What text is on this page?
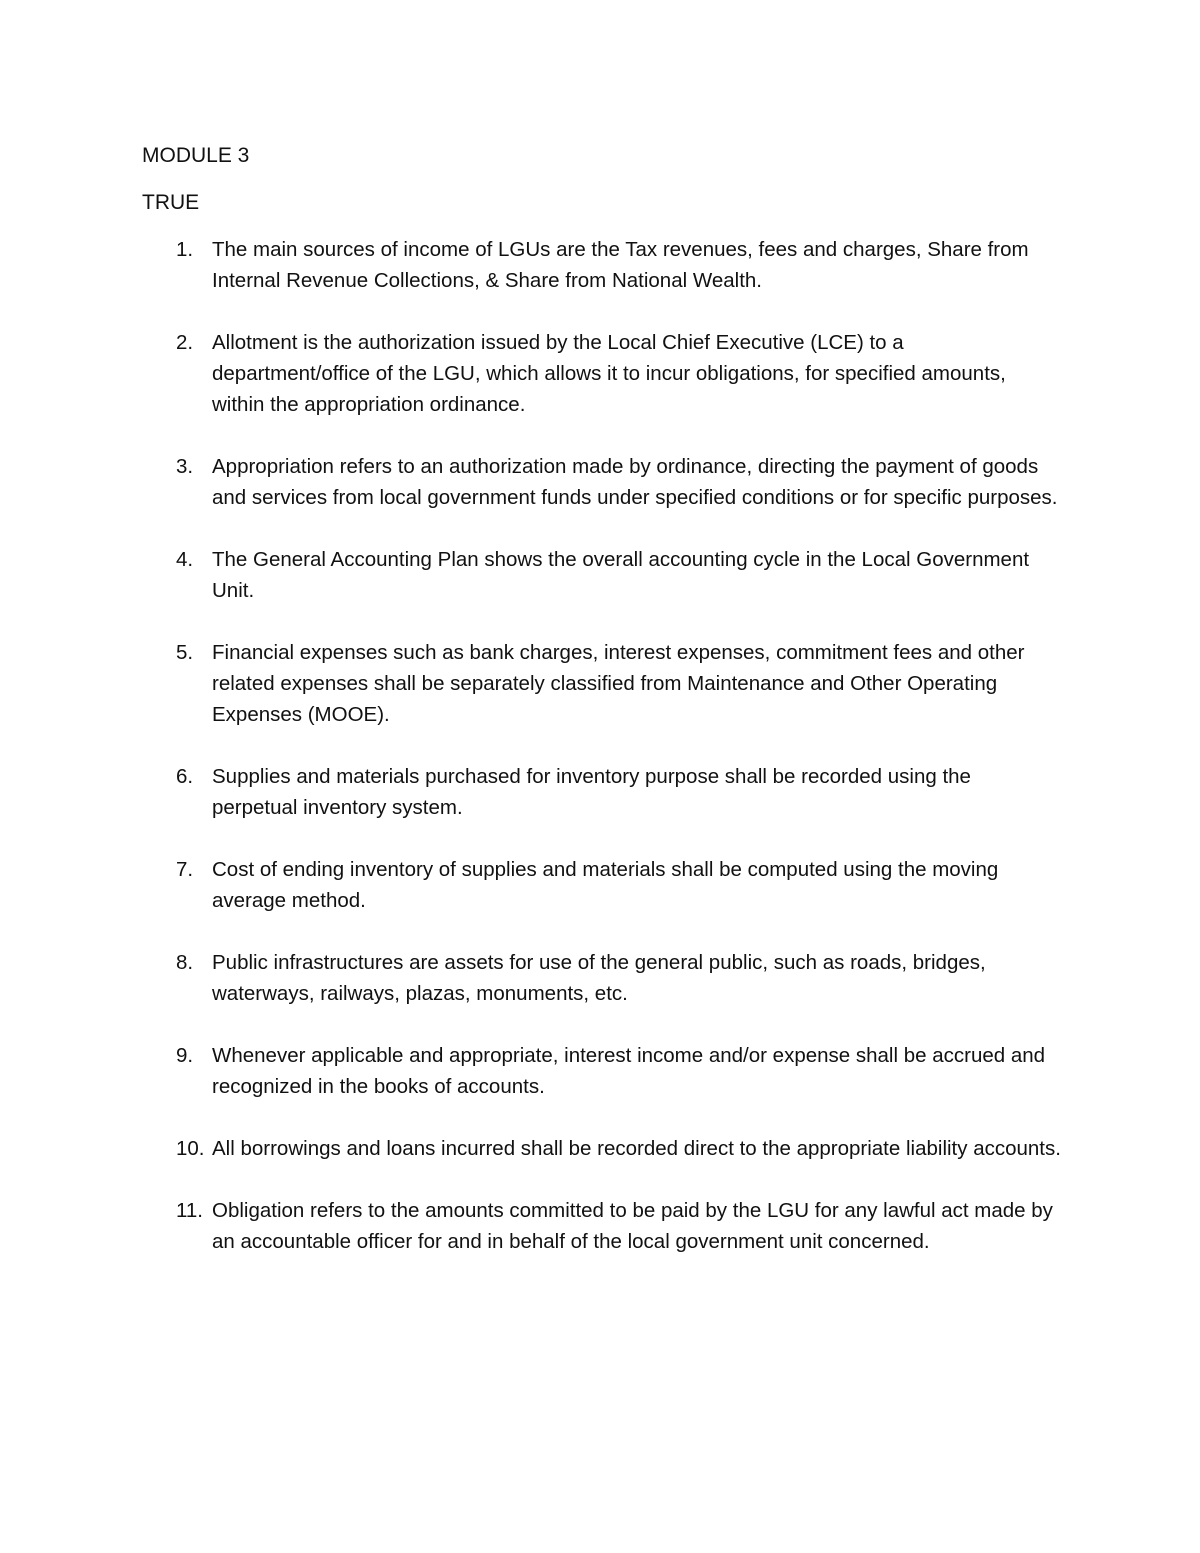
MODULE 3
TRUE
1. The main sources of income of LGUs are the Tax revenues, fees and charges, Share from Internal Revenue Collections, & Share from National Wealth.
2. Allotment is the authorization issued by the Local Chief Executive (LCE) to a department/office of the LGU, which allows it to incur obligations, for specified amounts, within the appropriation ordinance.
3. Appropriation refers to an authorization made by ordinance, directing the payment of goods and services from local government funds under specified conditions or for specific purposes.
4. The General Accounting Plan shows the overall accounting cycle in the Local Government Unit.
5. Financial expenses such as bank charges, interest expenses, commitment fees and other related expenses shall be separately classified from Maintenance and Other Operating Expenses (MOOE).
6. Supplies and materials purchased for inventory purpose shall be recorded using the perpetual inventory system.
7. Cost of ending inventory of supplies and materials shall be computed using the moving average method.
8. Public infrastructures are assets for use of the general public, such as roads, bridges, waterways, railways, plazas, monuments, etc.
9. Whenever applicable and appropriate, interest income and/or expense shall be accrued and recognized in the books of accounts.
10. All borrowings and loans incurred shall be recorded direct to the appropriate liability accounts.
11. Obligation refers to the amounts committed to be paid by the LGU for any lawful act made by an accountable officer for and in behalf of the local government unit concerned.
